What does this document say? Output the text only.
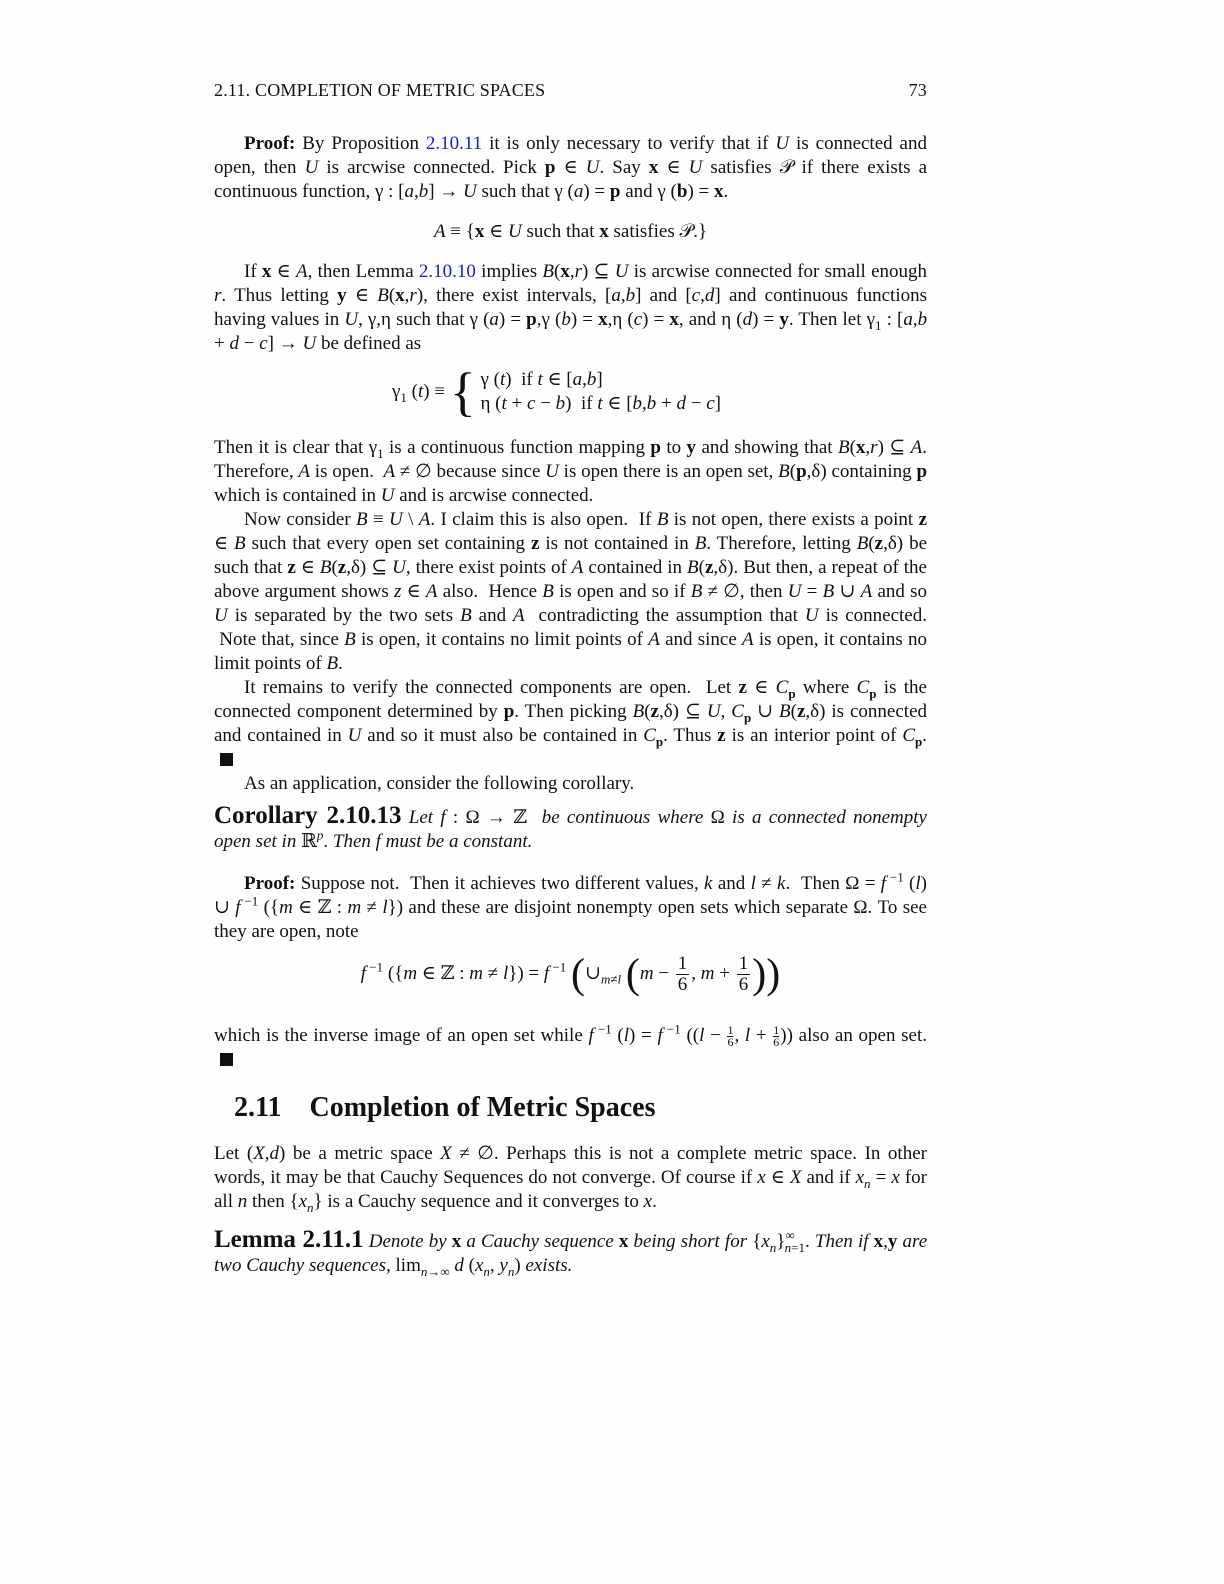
2.11. COMPLETION OF METRIC SPACES	73

Proof: By Proposition 2.10.11 it is only necessary to verify that if U is connected and open, then U is arcwise connected. Pick p ∈ U. Say x ∈ U satisfies 𝒫 if there exists a continuous function, γ : [a,b] → U such that γ (a) = p and γ (b) = x.

A ≡ {x ∈ U such that x satisfies 𝒫.}

If x ∈ A, then Lemma 2.10.10 implies B(x,r) ⊆ U is arcwise connected for small enough r. Thus letting y ∈ B(x,r), there exist intervals, [a,b] and [c,d] and continuous functions having values in U, γ,η such that γ (a) = p,γ (b) = x,η (c) = x, and η (d) = y. Then let $\gamma_1$ : [a,b + d − c] → U be defined as

$\gamma_1$ (t) ≡ { γ (t)  if t ∈ [a,b]
η (t + c − b)  if t ∈ [b,b + d − c]

Then it is clear that $\gamma_1$ is a continuous function mapping p to y and showing that B(x,r) ⊆ A. Therefore, A is open.  A ≠ ∅ because since U is open there is an open set, B(p,δ) containing p which is contained in U and is arcwise connected.

Now consider B ≡ U \ A. I claim this is also open.  If B is not open, there exists a point z ∈ B such that every open set containing z is not contained in B. Therefore, letting B(z,δ) be such that z ∈ B(z,δ) ⊆ U, there exist points of A contained in B(z,δ). But then, a repeat of the above argument shows z ∈ A also.  Hence B is open and so if B ≠ ∅, then U = B ∪ A and so U is separated by the two sets B and A  contradicting the assumption that U is connected.  Note that, since B is open, it contains no limit points of A and since A is open, it contains no limit points of B.

It remains to verify the connected components are open.  Let z ∈ $C_p$ where $C_p$ is the connected component determined by p. Then picking B(z,δ) ⊆ U, $C_p$ ∪ B(z,δ) is connected and contained in U and so it must also be contained in $C_p$. Thus z is an interior point of $C_p$.

As an application, consider the following corollary.

Corollary 2.10.13 Let f : Ω → ℤ  be continuous where Ω is a connected nonempty open set in ℝ$^p$. Then f must be a constant.

Proof: Suppose not.  Then it achieves two different values, k and l ≠ k.  Then Ω = f $^{-1}$ (l) ∪ f $^{-1}$ ({m ∈ ℤ : m ≠ l}) and these are disjoint nonempty open sets which separate Ω. To see they are open, note

f $^{-1}$ ({m ∈ ℤ : m ≠ l}) = f $^{-1}$ ($\cup_{m\ne l}$ ($m - \frac{1}{6}$ , $m + \frac{1}{6}$ ))

which is the inverse image of an open set while f $^{-1}$ (l) = f $^{-1}$ (($l - \frac{1}{6}$ , $l + \frac{1}{6}$ )) also an open set.

2.11 Completion of Metric Spaces

Let (X,d) be a metric space X ≠ ∅. Perhaps this is not a complete metric space. In other words, it may be that Cauchy Sequences do not converge. Of course if x ∈ X and if $x_n = x$ for all n then $\{x_n\}$ is a Cauchy sequence and it converges to x.

Lemma 2.11.1 Denote by x a Cauchy sequence x being short for $\{x_n\}^\infty_{n=1}$. Then if x,y are two Cauchy sequences, $\lim_{n\to\infty} d$ ($x_n$, $y_n$) exists.
